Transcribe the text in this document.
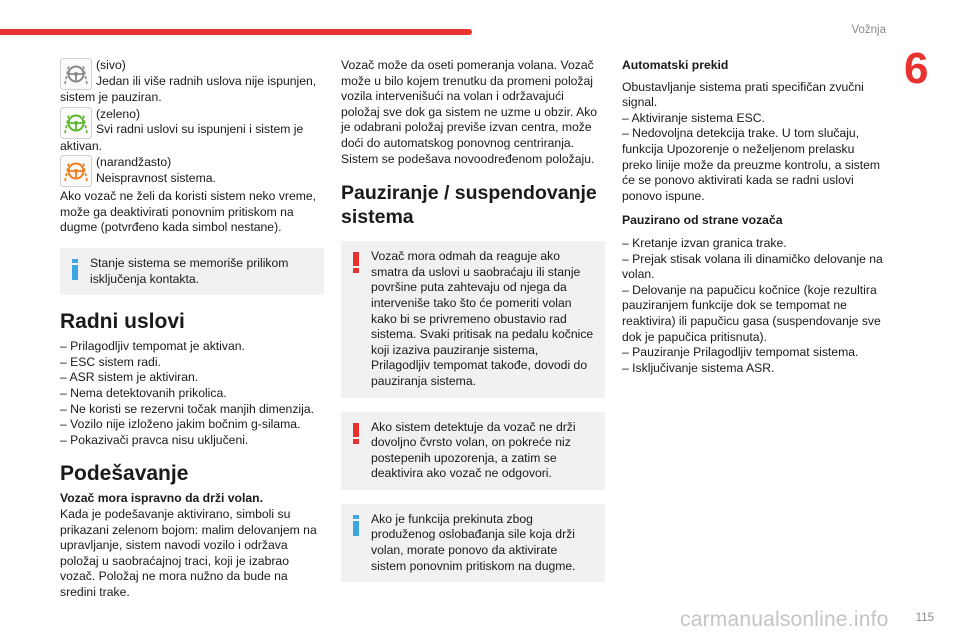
Vožnja
6
(sivo)
Jedan ili više radnih uslova nije ispunjen,
sistem je pauziran.
(zeleno)
Svi radni uslovi su ispunjeni i sistem je
aktivan.
(narandžasto)
Neispravnost sistema.
Ako vozač ne želi da koristi sistem neko vreme, može ga deaktivirati ponovnim pritiskom na dugme (potvrđeno kada simbol nestane).
Stanje sistema se memoriše prilikom isključenja kontakta.
Radni uslovi
– Prilagodljiv tempomat je aktivan.
– ESC sistem radi.
– ASR sistem je aktiviran.
– Nema detektovanih prikolica.
– Ne koristi se rezervni točak manjih dimenzija.
– Vozilo nije izloženo jakim bočnim g-silama.
– Pokazivači pravca nisu uključeni.
Podešavanje
Vozač mora ispravno da drži volan.
Kada je podešavanje aktivirano, simboli su prikazani zelenom bojom: malim delovanjem na upravljanje, sistem navodi vozilo i održava položaj u saobraćajnoj traci, koji je izabrao vozač. Položaj ne mora nužno da bude na sredini trake.
Vozač može da oseti pomeranja volana. Vozač može u bilo kojem trenutku da promeni položaj vozila intervenišući na volan i održavajući položaj sve dok ga sistem ne uzme u obzir. Ako je odabrani položaj previše izvan centra, može doći do automatskog ponovnog centriranja. Sistem se podešava novoodređenom položaju.
Pauziranje / suspendovanje sistema
Vozač mora odmah da reaguje ako smatra da uslovi u saobraćaju ili stanje površine puta zahtevaju od njega da interveniše tako što će pomeriti volan kako bi se privremeno obustavio rad sistema. Svaki pritisak na pedalu kočnice koji izaziva pauziranje sistema, Prilagodljiv tempomat takođe, dovodi do pauziranja sistema.
Ako sistem detektuje da vozač ne drži dovoljno čvrsto volan, on pokreće niz postepenih upozorenja, a zatim se deaktivira ako vozač ne odgovori.
Ako je funkcija prekinuta zbog produženog oslobađanja sile koja drži volan, morate ponovo da aktivirate sistem ponovnim pritiskom na dugme.
Automatski prekid
Obustavljanje sistema prati specifičan zvučni signal.
– Aktiviranje sistema ESC.
– Nedovoljna detekcija trake. U tom slučaju, funkcija Upozorenje o neželjenom prelasku preko linije može da preuzme kontrolu, a sistem će se ponovo aktivirati kada se radni uslovi ponovo ispune.
Pauzirano od strane vozača
– Kretanje izvan granica trake.
– Prejak stisak volana ili dinamičko delovanje na volan.
– Delovanje na papučicu kočnice (koje rezultira pauziranjem funkcije dok se tempomat ne reaktivira) ili papučicu gasa (suspendovanje sve dok je papučica pritisnuta).
– Pauziranje Prilagodljiv tempomat sistema.
– Isključivanje sistema ASR.
carmanualsonline.info 115
